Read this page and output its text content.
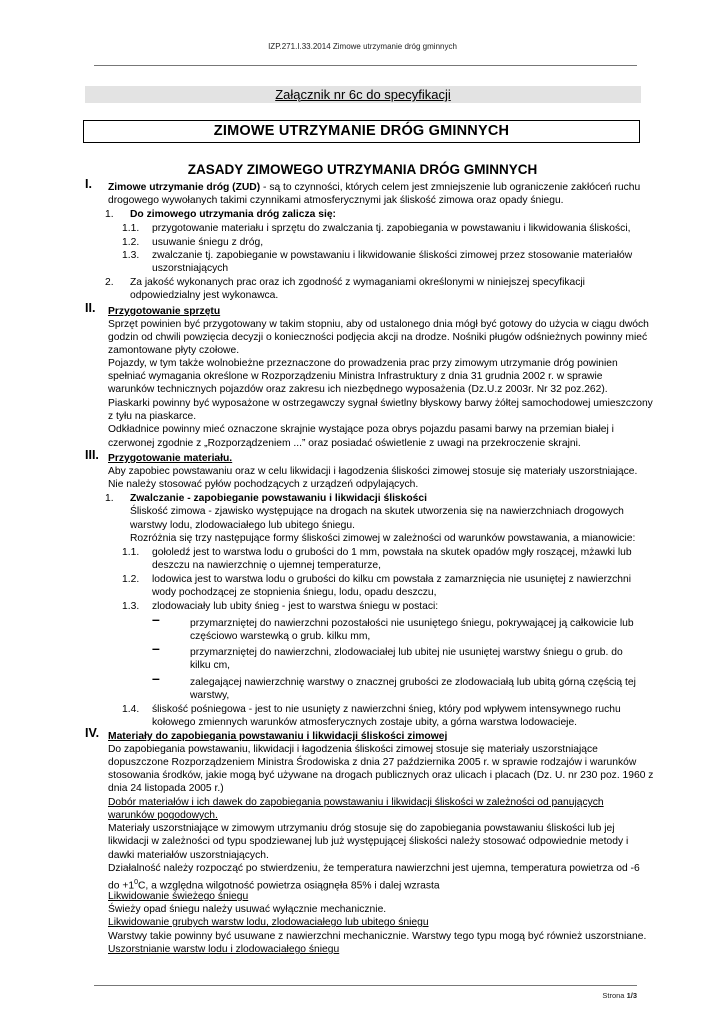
IZP.271.I.33.2014 Zimowe utrzymanie dróg gminnych
Załącznik nr 6c do specyfikacji
ZIMOWE UTRZYMANIE DRÓG GMINNYCH
ZASADY ZIMOWEGO UTRZYMANIA DRÓG GMINNYCH
I. Zimowe utrzymanie dróg (ZUD) - są to czynności, których celem jest zmniejszenie lub ograniczenie zakłóceń ruchu
drogowego wywołanych takimi czynnikami atmosferycznymi jak śliskość zimowa oraz opady śniegu.
1. Do zimowego utrzymania dróg zalicza się:
1.1. przygotowanie materiału i sprzętu do zwalczania tj. zapobiegania w powstawaniu i likwidowania śliskości,
1.2. usuwanie śniegu z dróg,
1.3. zwalczanie tj. zapobieganie w powstawaniu i likwidowanie śliskości zimowej przez stosowanie materiałów
uszorstniających
2. Za jakość wykonanych prac oraz ich zgodność z wymaganiami określonymi w niniejszej specyfikacji
odpowiedzialny jest wykonawca.
II. Przygotowanie sprzętu
Sprzęt powinien być przygotowany w takim stopniu, aby od ustalonego dnia mógł być gotowy do użycia w ciągu dwóch
godzin od chwili powzięcia decyzji o konieczności podjęcia akcji na drodze. Nośniki pługów odśnieżnych powinny mieć
zamontowane płyty czołowe.
Pojazdy, w tym także wolnobieżne przeznaczone do prowadzenia prac przy zimowym utrzymanie dróg powinien
spełniać wymagania określone w Rozporządzeniu Ministra Infrastruktury z dnia 31 grudnia 2002 r. w sprawie
warunków technicznych pojazdów oraz zakresu ich niezbędnego wyposażenia (Dz.U.z 2003r. Nr 32 poz.262).
Piaskarki powinny być wyposażone w ostrzegawczy sygnał świetlny błyskowy barwy żółtej samochodowej umieszczony
z tyłu na piaskarce.
Odkładnice powinny mieć oznaczone skrajnie wystające poza obrys pojazdu pasami barwy na przemian białej i
czerwonej zgodnie z „Rozporządzeniem ...” oraz posiadać oświetlenie z uwagi na przekroczenie skrajni.
III. Przygotowanie materiału.
Aby zapobiec powstawaniu oraz w celu likwidacji i łagodzenia śliskości zimowej stosuje się materiały uszorstniające.
Nie należy stosować pyłów pochodzących z urządzeń odpylających.
1. Zwalczanie - zapobieganie powstawaniu i likwidacji śliskości
Śliskość zimowa - zjawisko występujące na drogach na skutek utworzenia się na nawierzchniach drogowych
warstwy lodu, zlodowaciałego lub ubitego śniegu.
Rozróżnia się trzy następujące formy śliskości zimowej w zależności od warunków powstawania, a mianowicie:
1.1. gołoledź jest to warstwa lodu o grubości do 1 mm, powstała na skutek opadów mgły roszącej, mżawki lub
deszczu na nawierzchnię o ujemnej temperaturze,
1.2. lodowica jest to warstwa lodu o grubości do kilku cm powstała z zamarznięcia nie usuniętej z nawierzchni
wody pochodzącej ze stopnienia śniegu, lodu, opadu deszczu,
1.3. zlodowaciały lub ubity śnieg - jest to warstwa śniegu w postaci:
–	przymarzniętej do nawierzchni pozostałości nie usuniętego śniegu, pokrywającej ją całkowicie lub
częściowo warstewką o grub. kilku mm,
–	przymarzniętej do nawierzchni, zlodowaciałej lub ubitej nie usuniętej warstwy śniegu o grub. do
kilku cm,
–	zalegającej nawierzchnię warstwy o znacznej grubości ze zlodowaciałą lub ubitą górną częścią tej
warstwy,
1.4. śliskość pośniegowa - jest to nie usunięty z nawierzchni śnieg, który pod wpływem intensywnego ruchu
kołowego zmiennych warunków atmosferycznych zostaje ubity, a górna warstwa lodowacieje.
IV. Materiały do zapobiegania powstawaniu i likwidacji śliskości zimowej
Do zapobiegania powstawaniu, likwidacji i łagodzenia śliskości zimowej stosuje się materiały uszorstniające
dopuszczone Rozporządzeniem Ministra Środowiska z dnia 27 października 2005 r. w sprawie rodzajów i warunków
stosowania środków, jakie mogą być używane na drogach publicznych oraz ulicach i placach (Dz. U. nr 230 poz. 1960 z
dnia 24 listopada 2005 r.)
Dobór materiałów i ich dawek do zapobiegania powstawaniu i likwidacji śliskości w zależności od panujących
warunków pogodowych.
Materiały uszorstniające w zimowym utrzymaniu dróg stosuje się do zapobiegania powstawaniu śliskości lub jej
likwidacji w zależności od typu spodziewanej lub już występującej śliskości należy stosować odpowiednie metody i
dawki materiałów uszorstniających.
Działalność należy rozpocząć po stwierdzeniu, że temperatura nawierzchni jest ujemna, temperatura powietrza od -6
do $+1^0C$, a względna wilgotność powietrza osiągnęła 85% i dalej wzrasta
Likwidowanie świeżego śniegu
Świeży opad śniegu należy usuwać wyłącznie mechanicznie.
Likwidowanie grubych warstw lodu, zlodowaciałego lub ubitego śniegu
Warstwy takie powinny być usuwane z nawierzchni mechanicznie. Warstwy tego typu mogą być również uszorstniane.
Uszorstnianie warstw lodu i zlodowaciałego śniegu
Strona 1/3
